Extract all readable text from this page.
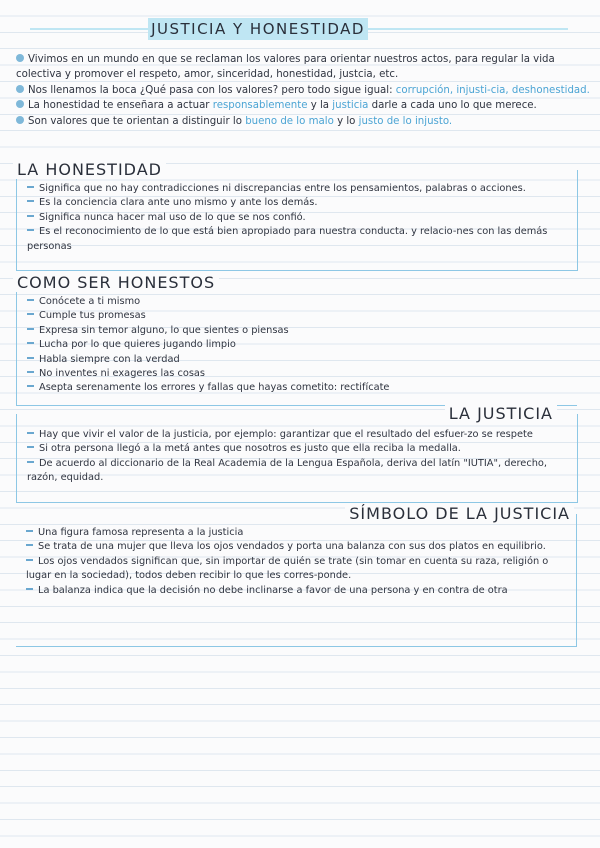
JUSTICIA Y HONESTIDAD

Vivimos en un mundo en que se reclaman los valores para orientar nuestros actos, para regular la vida colectiva y promover el respeto, amor, sinceridad, honestidad, justcia, etc.

Nos llenamos la boca ¿Qué pasa con los valores? pero todo sigue igual: corrupción, injusti-cia, deshonestidad.

La honestidad te enseñara a actuar responsablemente y la justicia darle a cada uno lo que merece.

Son valores que te orientan a distinguir lo bueno de lo malo y lo justo de lo injusto.

LA HONESTIDAD

Significa que no hay contradicciones ni discrepancias entre los pensamientos, palabras o acciones.

Es la conciencia clara ante uno mismo y ante los demás.

Significa nunca hacer mal uso de lo que se nos confió.

Es el reconocimiento de lo que está bien apropiado para nuestra conducta. y relacio-nes con las demás personas

COMO SER HONESTOS

Conócete a ti mismo

Cumple tus promesas

Expresa sin temor alguno, lo que sientes o piensas

Lucha por lo que quieres jugando limpio

Habla siempre con la verdad

No inventes ni exageres las cosas

Asepta serenamente los errores y fallas que hayas cometito: rectifícate

LA JUSTICIA

Hay que vivir el valor de la justicia, por ejemplo: garantizar que el resultado del esfuer-zo se respete

Si otra persona llegó a la metá antes que nosotros es justo que ella reciba la medalla.

De acuerdo al diccionario de la Real Academia de la Lengua Española, deriva del latín "IUTIA", derecho, razón, equidad.

SÍMBOLO DE LA JUSTICIA

Una figura famosa representa a la justicia

Se trata de una mujer que lleva los ojos vendados y porta una balanza con sus dos platos en equilibrio.

Los ojos vendados significan que, sin importar de quién se trate (sin tomar en cuenta su raza, religión o lugar en la sociedad), todos deben recibir lo que les corres-ponde.

La balanza indica que la decisión no debe inclinarse a favor de una persona y en contra de otra
